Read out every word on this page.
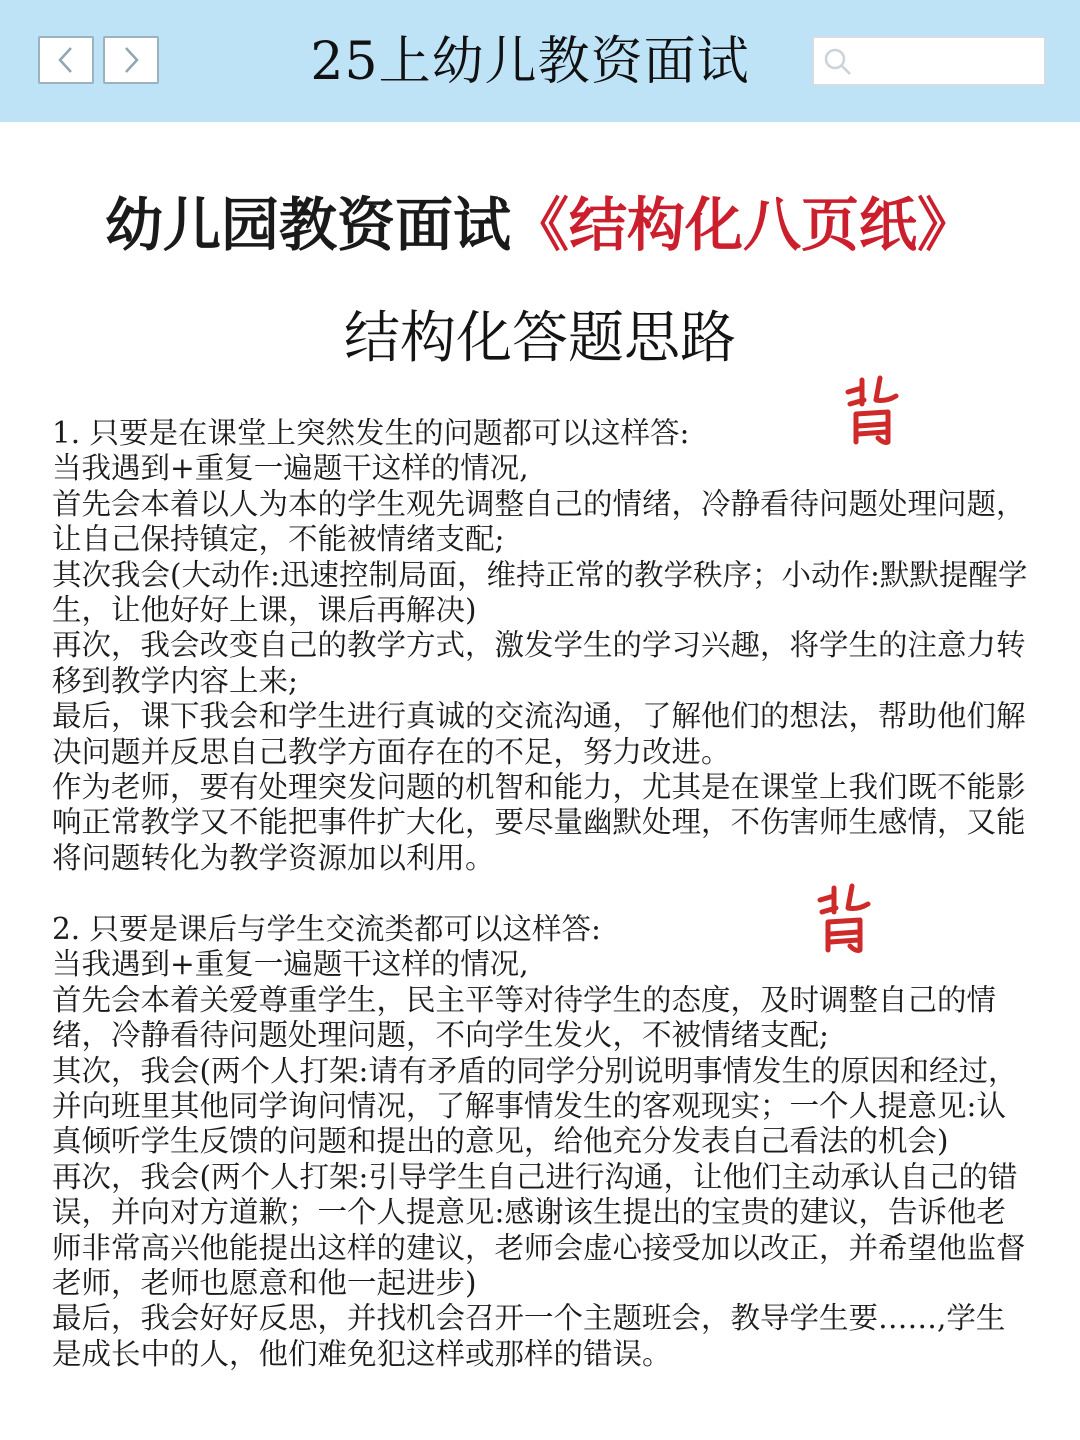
25上幼儿教资面试
幼儿园教资面试《结构化八页纸》
结构化答题思路
1. 只要是在课堂上突然发生的问题都可以这样答:
当我遇到+重复一遍题干这样的情况,
首先会本着以人为本的学生观先调整自己的情绪，冷静看待问题处理问题，
让自己保持镇定，不能被情绪支配;
其次我会(大动作:迅速控制局面，维持正常的教学秩序；小动作:默默提醒学
生，让他好好上课，课后再解决)
再次，我会改变自己的教学方式，激发学生的学习兴趣，将学生的注意力转
移到教学内容上来;
最后，课下我会和学生进行真诚的交流沟通，了解他们的想法，帮助他们解
决问题并反思自己教学方面存在的不足，努力改进。
作为老师，要有处理突发问题的机智和能力，尤其是在课堂上我们既不能影
响正常教学又不能把事件扩大化，要尽量幽默处理，不伤害师生感情，又能
将问题转化为教学资源加以利用。
2. 只要是课后与学生交流类都可以这样答:
当我遇到+重复一遍题干这样的情况,
首先会本着关爱尊重学生，民主平等对待学生的态度，及时调整自己的情
绪，冷静看待问题处理问题，不向学生发火，不被情绪支配;
其次，我会(两个人打架:请有矛盾的同学分别说明事情发生的原因和经过，
并向班里其他同学询问情况，了解事情发生的客观现实；一个人提意见:认
真倾听学生反馈的问题和提出的意见，给他充分发表自己看法的机会)
再次，我会(两个人打架:引导学生自己进行沟通，让他们主动承认自己的错
误，并向对方道歉；一个人提意见:感谢该生提出的宝贵的建议，告诉他老
师非常高兴他能提出这样的建议，老师会虚心接受加以改正，并希望他监督
老师，老师也愿意和他一起进步)
最后，我会好好反思，并找机会召开一个主题班会，教导学生要……,学生
是成长中的人，他们难免犯这样或那样的错误。
